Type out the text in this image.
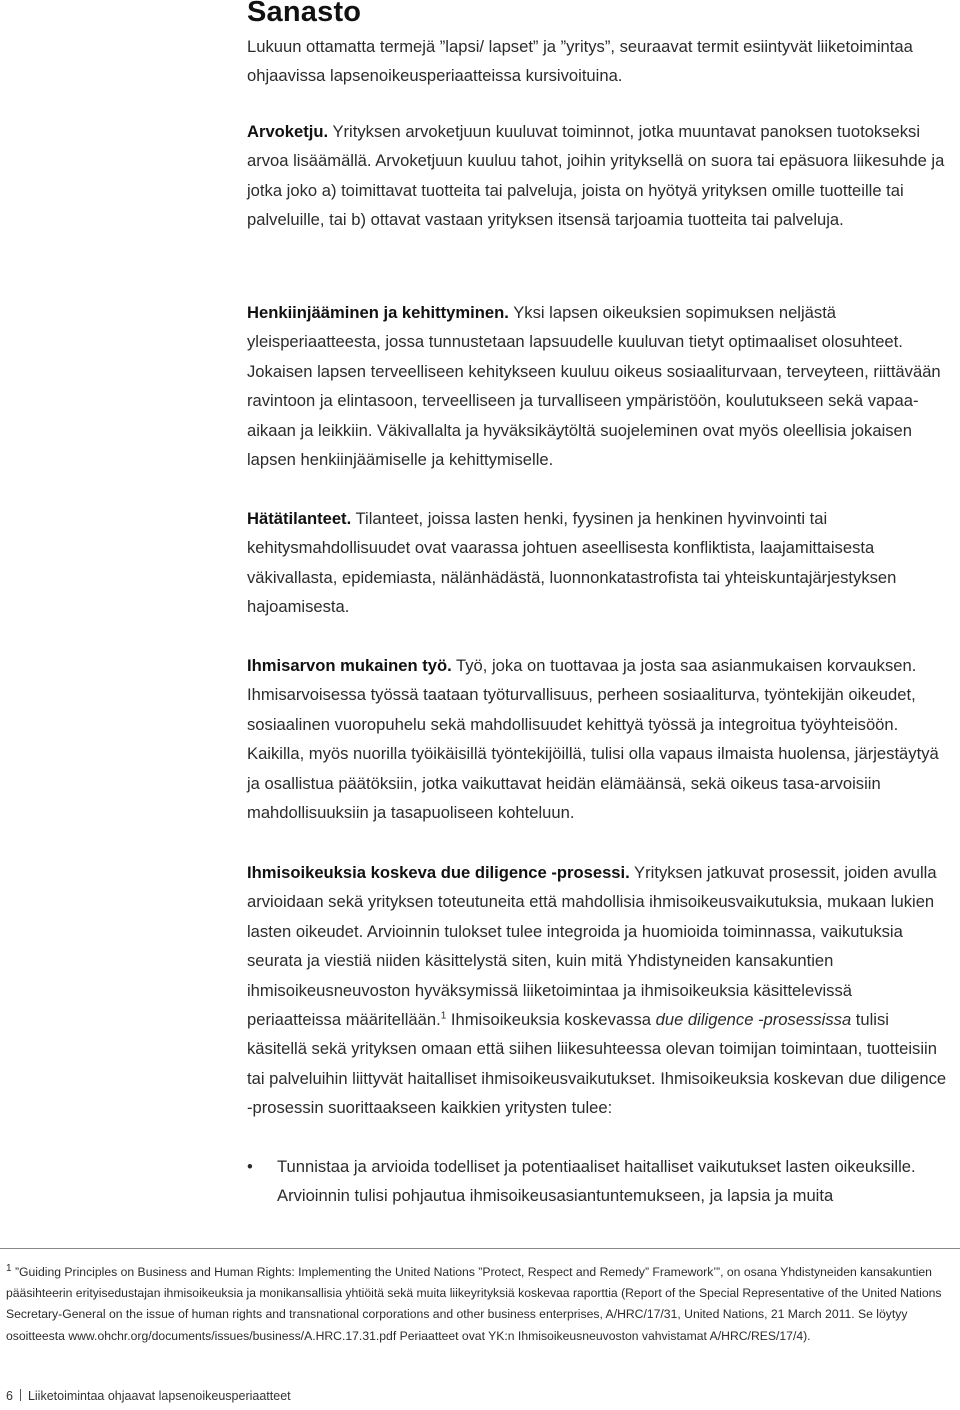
Sanasto

Lukuun ottamatta termejä ”lapsi/ lapset” ja ”yritys”, seuraavat termit esiintyvät liiketoimintaa ohjaavissa lapsenoikeusperiaatteissa kursivoituina.

Arvoketju. Yrityksen arvoketjuun kuuluvat toiminnot, jotka muuntavat panoksen tuotokseksi arvoa lisäämällä. Arvoketjuun kuuluu tahot, joihin yrityksellä on suora tai epäsuora liikesuhde ja jotka joko a) toimittavat tuotteita tai palveluja, joista on hyötyä yrityksen omille tuotteille tai palveluille, tai b) ottavat vastaan yrityksen itsensä tarjoamia tuotteita tai palveluja.

Henkiinjääminen ja kehittyminen. Yksi lapsen oikeuksien sopimuksen neljästä yleisperiaatteesta, jossa tunnustetaan lapsuudelle kuuluvan tietyt optimaaliset olosuhteet. Jokaisen lapsen terveelliseen kehitykseen kuuluu oikeus sosiaaliturvaan, terveyteen, riittävään ravintoon ja elintasoon, terveelliseen ja turvalliseen ympäristöön, koulutukseen sekä vapaa-aikaan ja leikkiin. Väkivallalta ja hyväksikäytöltä suojeleminen ovat myös oleellisia jokaisen lapsen henkiinjäämiselle ja kehittymiselle.

Hätätilanteet. Tilanteet, joissa lasten henki, fyysinen ja henkinen hyvinvointi tai kehitysmahdollisuudet ovat vaarassa johtuen aseellisesta konfliktista, laajamittaisesta väkivallasta, epidemiasta, nälänhädästä, luonnonkatastrofista tai yhteiskuntajärjestyksen hajoamisesta.

Ihmisarvon mukainen työ. Työ, joka on tuottavaa ja josta saa asianmukaisen korvauksen. Ihmisarvoisessa työssä taataan työturvallisuus, perheen sosiaaliturva, työntekijän oikeudet, sosiaalinen vuoropuhelu sekä mahdollisuudet kehittyä työssä ja integroitua työyhteisöön. Kaikilla, myös nuorilla työikäisillä työntekijöillä, tulisi olla vapaus ilmaista huolensa, järjestäytyä ja osallistua päätöksiin, jotka vaikuttavat heidän elämäänsä, sekä oikeus tasa-arvoisiin mahdollisuuksiin ja tasapuoliseen kohteluun.

Ihmisoikeuksia koskeva due diligence -prosessi. Yrityksen jatkuvat prosessit, joiden avulla arvioidaan sekä yrityksen toteutuneita että mahdollisia ihmisoikeusvaikutuksia, mukaan lukien lasten oikeudet. Arvioinnin tulokset tulee integroida ja huomioida toiminnassa, vaikutuksia seurata ja viestiä niiden käsittelystä siten, kuin mitä Yhdistyneiden kansakuntien ihmisoikeusneuvoston hyväksymissä liiketoimintaa ja ihmisoikeuksia käsittelevissä periaatteissa määritellään.$^1$ Ihmisoikeuksia koskevassa due diligence -prosessissa tulisi käsitellä sekä yrityksen omaan että siihen liikesuhteessa olevan toimijan toimintaan, tuotteisiin tai palveluihin liittyvät haitalliset ihmisoikeusvaikutukset. Ihmisoikeuksia koskevan due diligence -prosessin suorittaakseen kaikkien yritysten tulee:

•	Tunnistaa ja arvioida todelliset ja potentiaaliset haitalliset vaikutukset lasten oikeuksille. Arvioinnin tulisi pohjautua ihmisoikeusasiantuntemukseen, ja lapsia ja muita

$^1$ ”Guiding Principles on Business and Human Rights: Implementing the United Nations ”Protect, Respect and Remedy” Framework’”, on osana Yhdistyneiden kansakuntien pääsihteerin erityisedustajan ihmisoikeuksia ja monikansallisia yhtiöitä sekä muita liikeyrityksiä koskevaa raporttia (Report of the Special Representative of the United Nations Secretary-General on the issue of human rights and transnational corporations and other business enterprises, A/HRC/17/31, United Nations, 21 March 2011. Se löytyy osoitteesta www.ohchr.org/documents/issues/business/A.HRC.17.31.pdf Periaatteet ovat YK:n Ihmisoikeusneuvoston vahvistamat A/HRC/RES/17/4).
6 Liiketoimintaa ohjaavat lapsenoikeusperiaatteet
